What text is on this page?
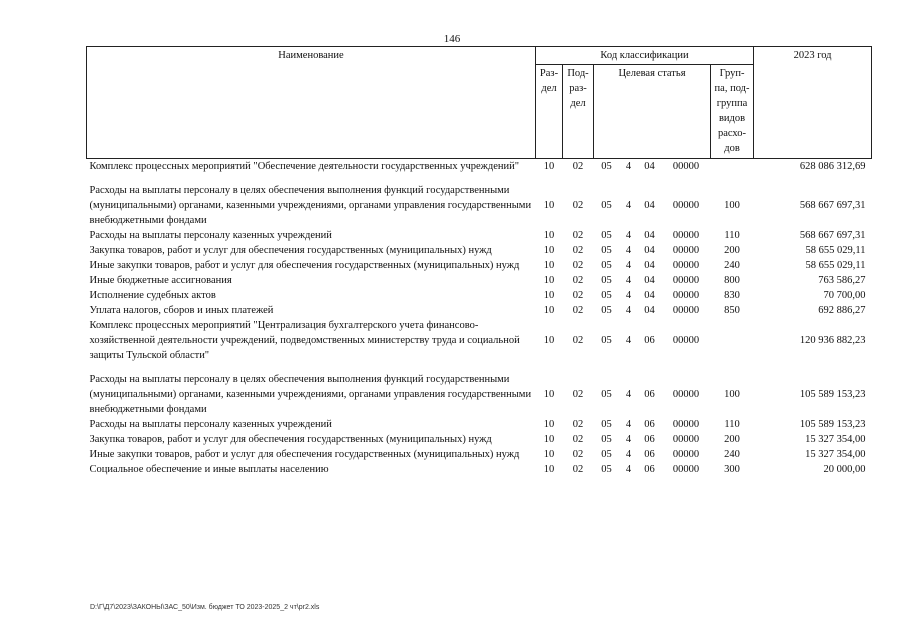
146
Наименование	Код классификации							2023 год
	Раз- дел	Под- раз- дел	Целевая статья				Груп- па, под- группа видов расхо- дов	
Комплекс процессных мероприятий "Обеспечение деятельности государственных учреждений"	10	02	05	4	04	00000		628 086 312,69
Расходы на выплаты персоналу в целях обеспечения выполнения функций государственными (муниципальными) органами, казенными учреждениями, органами управления государственными внебюджетными фондами	10	02	05	4	04	00000	100	568 667 697,31
Расходы на выплаты персоналу казенных учреждений	10	02	05	4	04	00000	110	568 667 697,31
Закупка товаров, работ и услуг для обеспечения государственных (муниципальных) нужд	10	02	05	4	04	00000	200	58 655 029,11
Иные закупки товаров, работ и услуг для обеспечения государственных (муниципальных) нужд	10	02	05	4	04	00000	240	58 655 029,11
Иные бюджетные ассигнования	10	02	05	4	04	00000	800	763 586,27
Исполнение судебных актов	10	02	05	4	04	00000	830	70 700,00
Уплата налогов, сборов и иных платежей	10	02	05	4	04	00000	850	692 886,27
Комплекс процессных мероприятий "Централизация бухгалтерского учета финансово-хозяйственной деятельности учреждений, подведомственных министерству труда и социальной защиты Тульской области"	10	02	05	4	06	00000		120 936 882,23
Расходы на выплаты персоналу в целях обеспечения выполнения функций государственными (муниципальными) органами, казенными учреждениями, органами управления государственными внебюджетными фондами	10	02	05	4	06	00000	100	105 589 153,23
Расходы на выплаты персоналу казенных учреждений	10	02	05	4	06	00000	110	105 589 153,23
Закупка товаров, работ и услуг для обеспечения государственных (муниципальных) нужд	10	02	05	4	06	00000	200	15 327 354,00
Иные закупки товаров, работ и услуг для обеспечения государственных (муниципальных) нужд	10	02	05	4	06	00000	240	15 327 354,00
Социальное обеспечение и иные выплаты населению	10	02	05	4	06	00000	300	20 000,00
D:\Г\Д7\2023\ЗАКОНЫ\ЗАС_50\Изм. бюджет ТО 2023-2025_2 чт\pr2.xls
